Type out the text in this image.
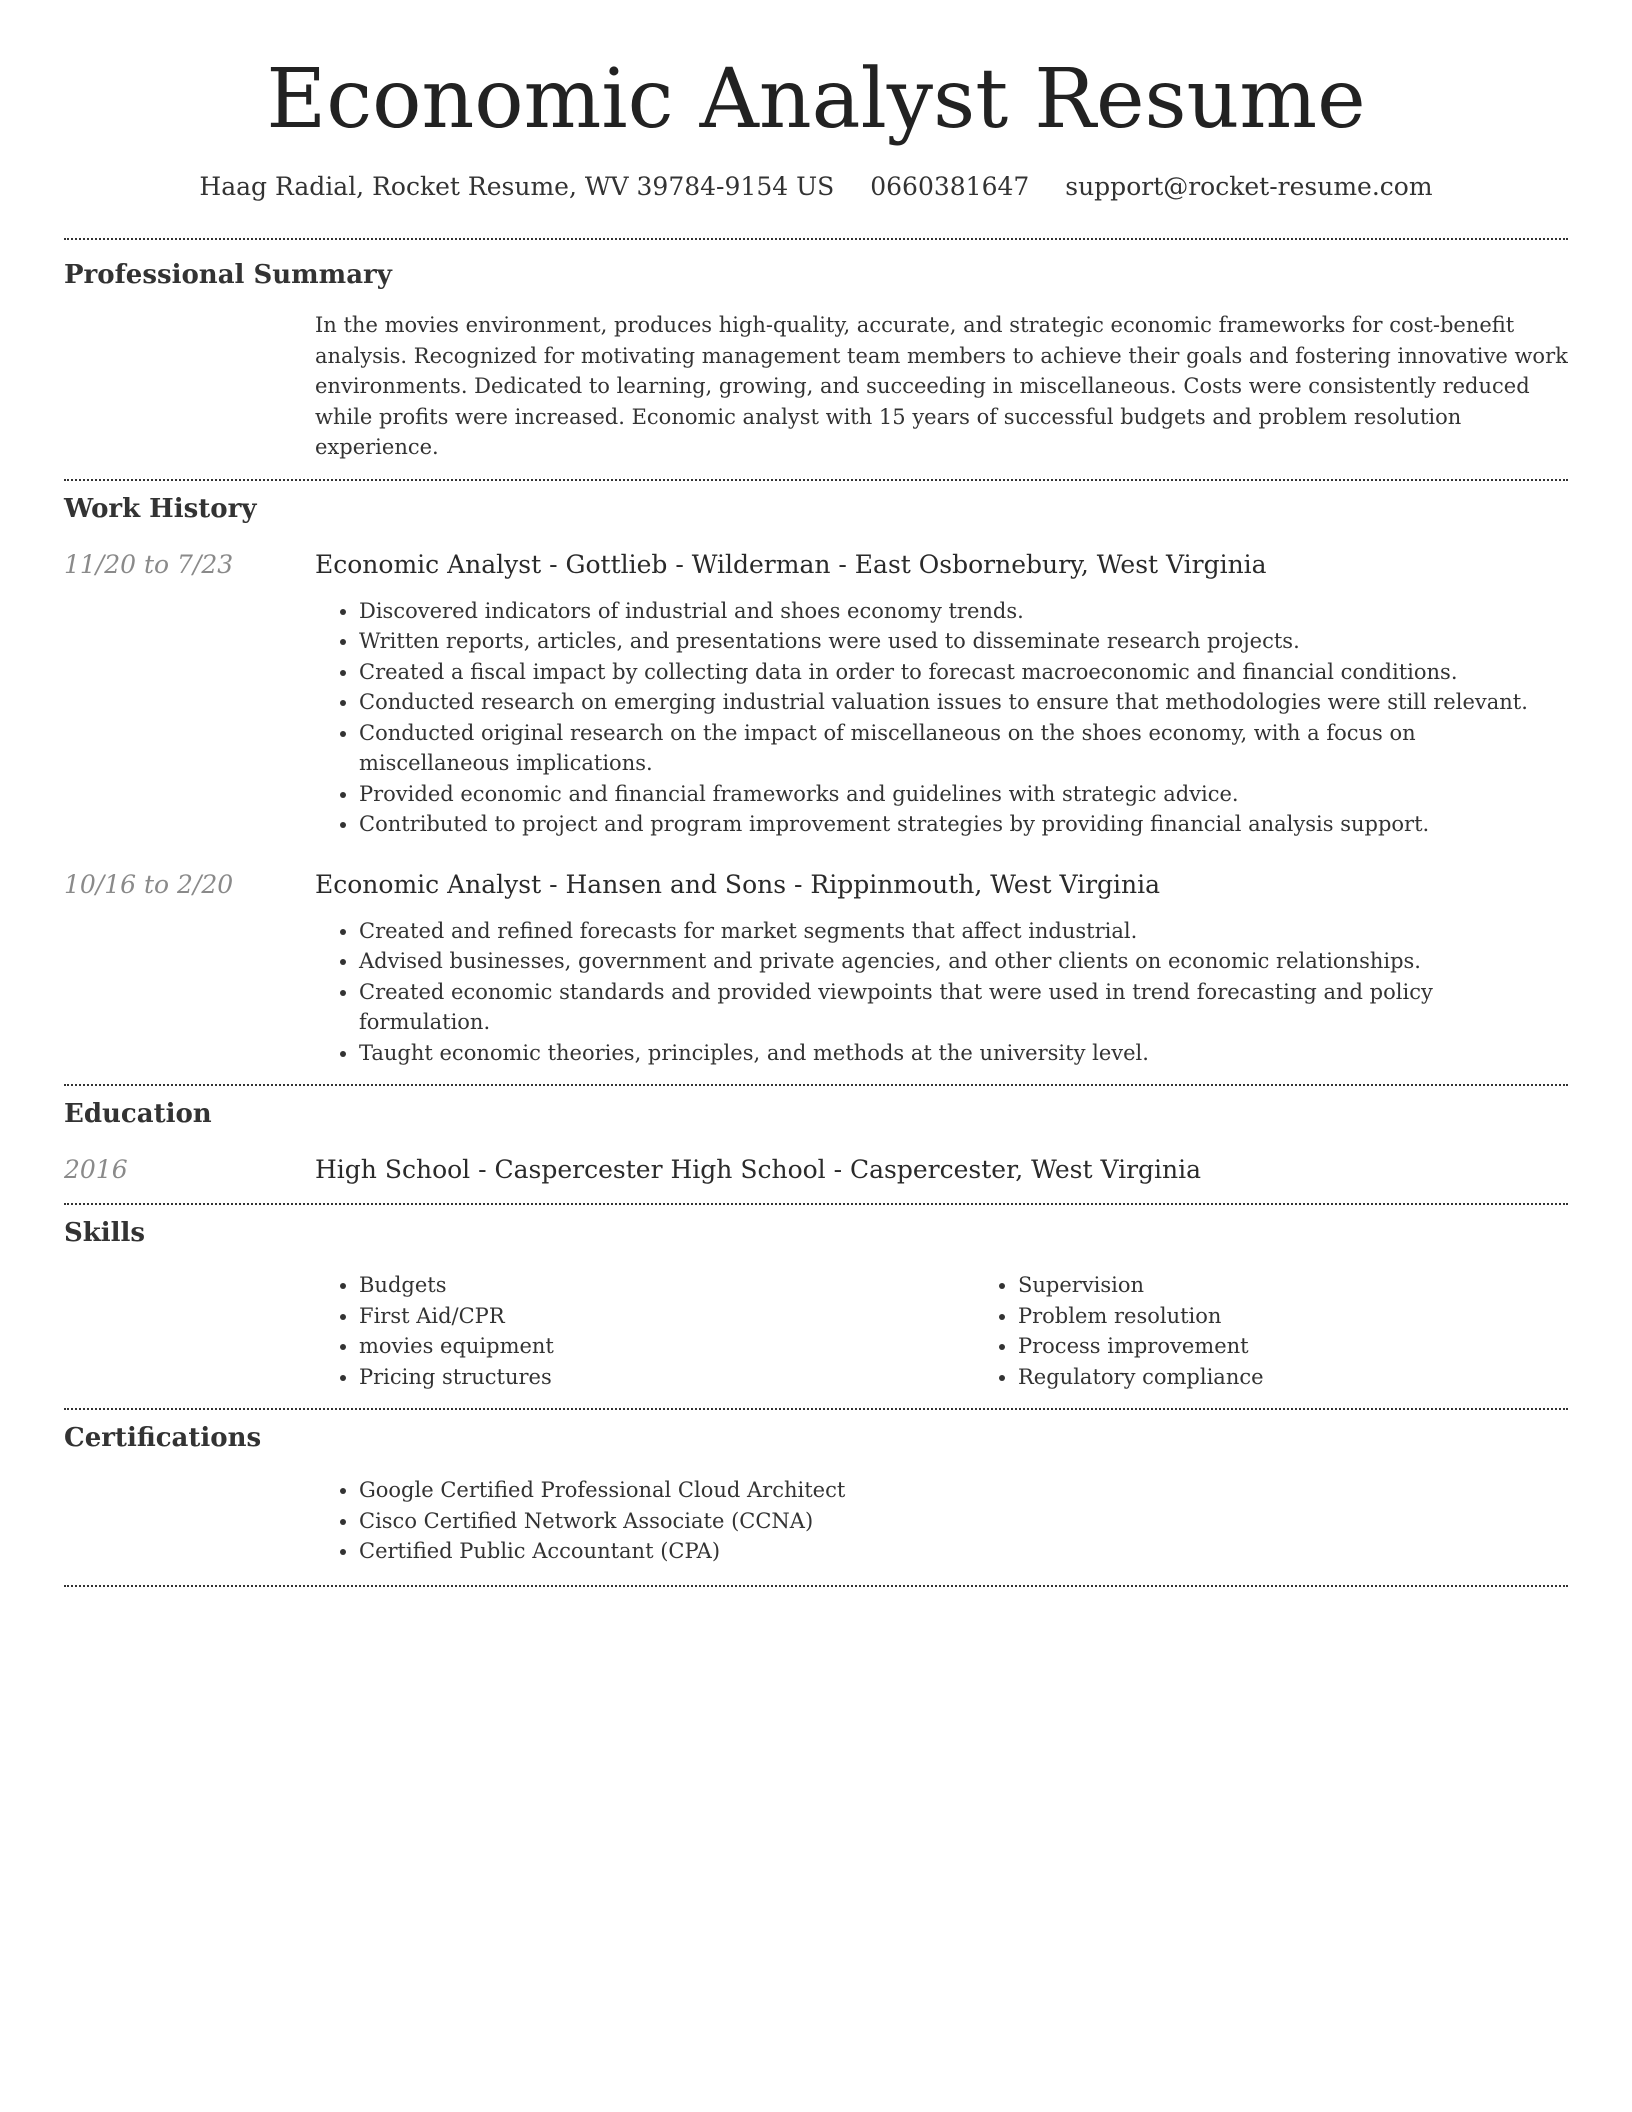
Economic Analyst Resume
Haag Radial, Rocket Resume, WV 39784-9154 US 0660381647 support@rocket-resume.com
Professional Summary

In the movies environment, produces high-quality, accurate, and strategic economic frameworks for cost-benefit analysis. Recognized for motivating management team members to achieve their goals and fostering innovative work environments. Dedicated to learning, growing, and succeeding in miscellaneous. Costs were consistently reduced while profits were increased. Economic analyst with 15 years of successful budgets and problem resolution experience.

Work History
11/20 to 7/23	Economic Analyst - Gottlieb - Wilderman - East Osbornebury, West Virginia

• Discovered indicators of industrial and shoes economy trends.
• Written reports, articles, and presentations were used to disseminate research projects.
• Created a fiscal impact by collecting data in order to forecast macroeconomic and financial conditions.
• Conducted research on emerging industrial valuation issues to ensure that methodologies were still relevant.
• Conducted original research on the impact of miscellaneous on the shoes economy, with a focus on miscellaneous implications.
• Provided economic and financial frameworks and guidelines with strategic advice.
• Contributed to project and program improvement strategies by providing financial analysis support.
10/16 to 2/20	Economic Analyst - Hansen and Sons - Rippinmouth, West Virginia

• Created and refined forecasts for market segments that affect industrial.
• Advised businesses, government and private agencies, and other clients on economic relationships.
• Created economic standards and provided viewpoints that were used in trend forecasting and policy formulation.
• Taught economic theories, principles, and methods at the university level.
Education
2016	High School - Caspercester High School - Caspercester, West Virginia

Skills
• Budgets
• First Aid/CPR
• movies equipment
• Pricing structures
• Supervision
• Problem resolution
• Process improvement
• Regulatory compliance
Certifications
• Google Certified Professional Cloud Architect
• Cisco Certified Network Associate (CCNA)
• Certified Public Accountant (CPA)
